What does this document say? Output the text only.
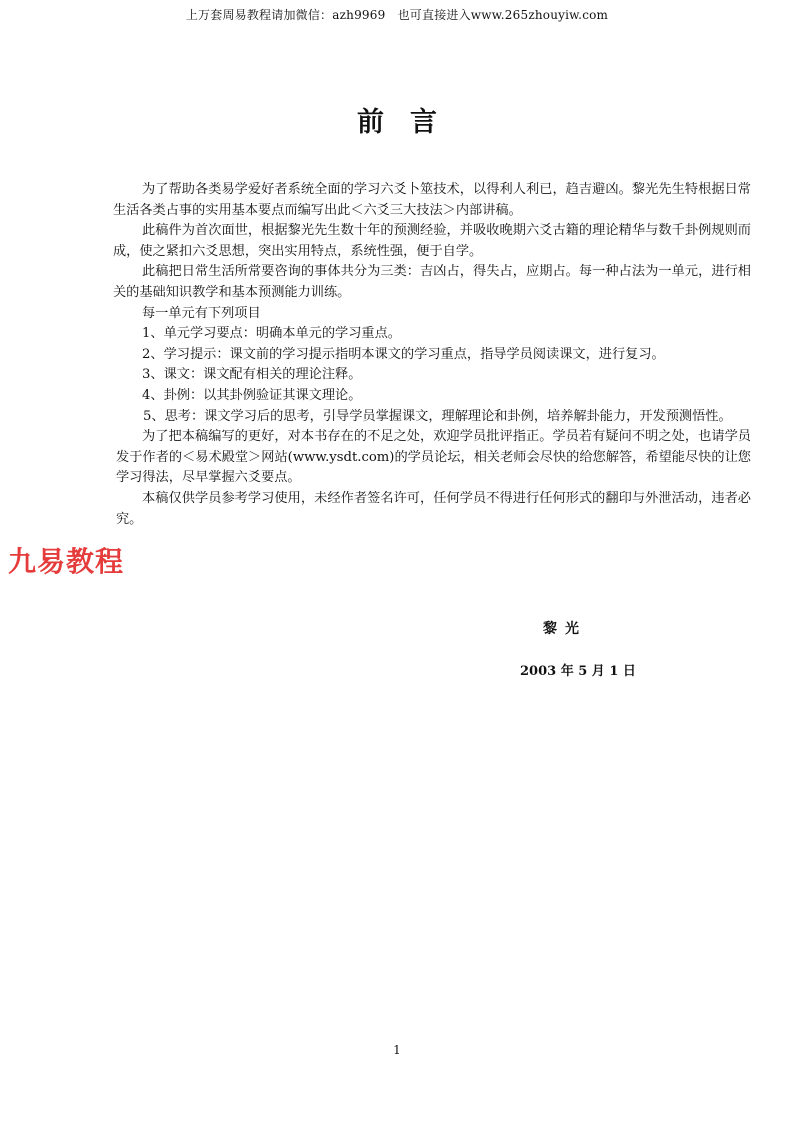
上万套周易教程请加微信：azh9969　也可直接进入www.265zhouyiw.com
前言

为了帮助各类易学爱好者系统全面的学习六爻卜筮技术，以得利人利已，趋吉避凶。黎光先生特根据日常生活各类占事的实用基本要点而编写出此＜六爻三大技法＞内部讲稿。

此稿件为首次面世，根据黎光先生数十年的预测经验，并吸收晚期六爻古籍的理论精华与数千卦例规则而成，使之紧扣六爻思想，突出实用特点，系统性强，便于自学。

此稿把日常生活所常要咨询的事体共分为三类：吉凶占，得失占，应期占。每一种占法为一单元，进行相关的基础知识教学和基本预测能力训练。

每一单元有下列项目

1、单元学习要点：明确本单元的学习重点。

2、学习提示：课文前的学习提示指明本课文的学习重点，指导学员阅读课文，进行复习。

3、课文：课文配有相关的理论注释。

4、卦例：以其卦例验证其课文理论。

5、思考：课文学习后的思考，引导学员掌握课文，理解理论和卦例，培养解卦能力，开发预测悟性。

为了把本稿编写的更好，对本书存在的不足之处，欢迎学员批评指正。学员若有疑问不明之处，也请学员发于作者的＜易术殿堂＞网站(www.ysdt.com)的学员论坛，相关老师会尽快的给您解答，希望能尽快的让您学习得法，尽早掌握六爻要点。

本稿仅供学员参考学习使用，未经作者签名许可，任何学员不得进行任何形式的翻印与外泄活动，违者必究。

九易教程
黎光
2003 年 5 月 1 日
1
